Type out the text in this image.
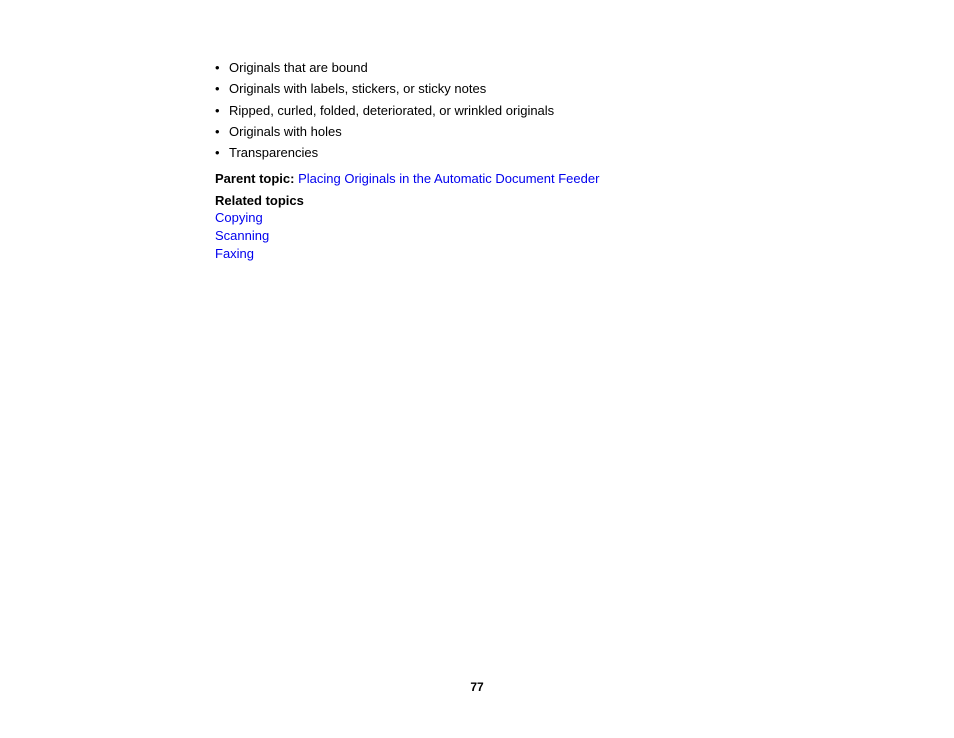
• Originals that are bound
• Originals with labels, stickers, or sticky notes
• Ripped, curled, folded, deteriorated, or wrinkled originals
• Originals with holes
• Transparencies
Parent topic: Placing Originals in the Automatic Document Feeder
Related topics
Copying
Scanning
Faxing
77
